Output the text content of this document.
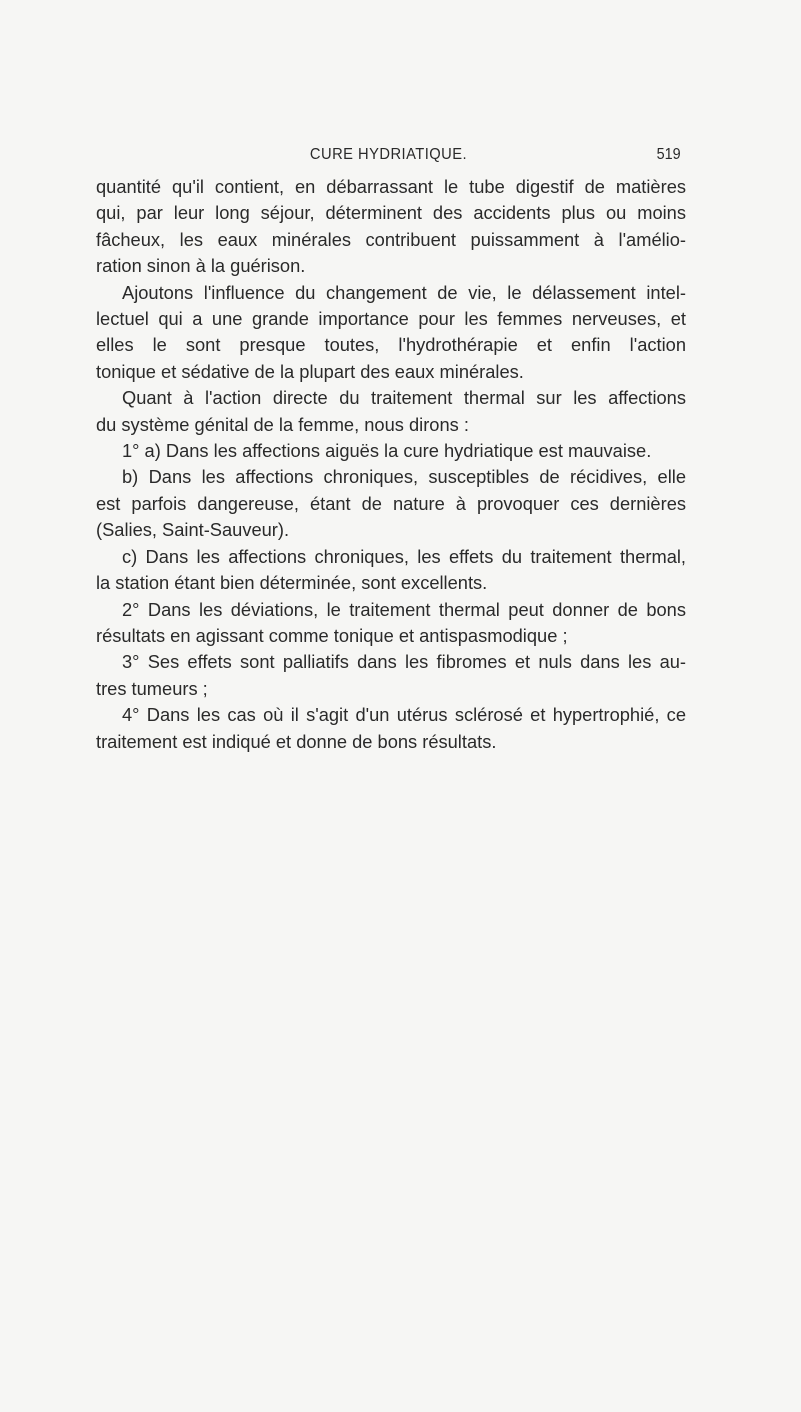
CURE HYDRIATIQUE.	519
quantité qu'il contient, en débarrassant le tube digestif de matières
qui, par leur long séjour, déterminent des accidents plus ou moins
fâcheux, les eaux minérales contribuent puissamment à l'amélio-
ration sinon à la guérison.
Ajoutons l'influence du changement de vie, le délassement intel-
lectuel qui a une grande importance pour les femmes nerveuses, et
elles le sont presque toutes, l'hydrothérapie et enfin l'action
tonique et sédative de la plupart des eaux minérales.
Quant à l'action directe du traitement thermal sur les affections
du système génital de la femme, nous dirons :
1° a) Dans les affections aiguës la cure hydriatique est mauvaise.
b) Dans les affections chroniques, susceptibles de récidives, elle
est parfois dangereuse, étant de nature à provoquer ces dernières
(Salies, Saint-Sauveur).
c) Dans les affections chroniques, les effets du traitement thermal,
la station étant bien déterminée, sont excellents.
2° Dans les déviations, le traitement thermal peut donner de bons
résultats en agissant comme tonique et antispasmodique ;
3° Ses effets sont palliatifs dans les fibromes et nuls dans les au-
tres tumeurs ;
4° Dans les cas où il s'agit d'un utérus sclérosé et hypertrophié, ce
traitement est indiqué et donne de bons résultats.
